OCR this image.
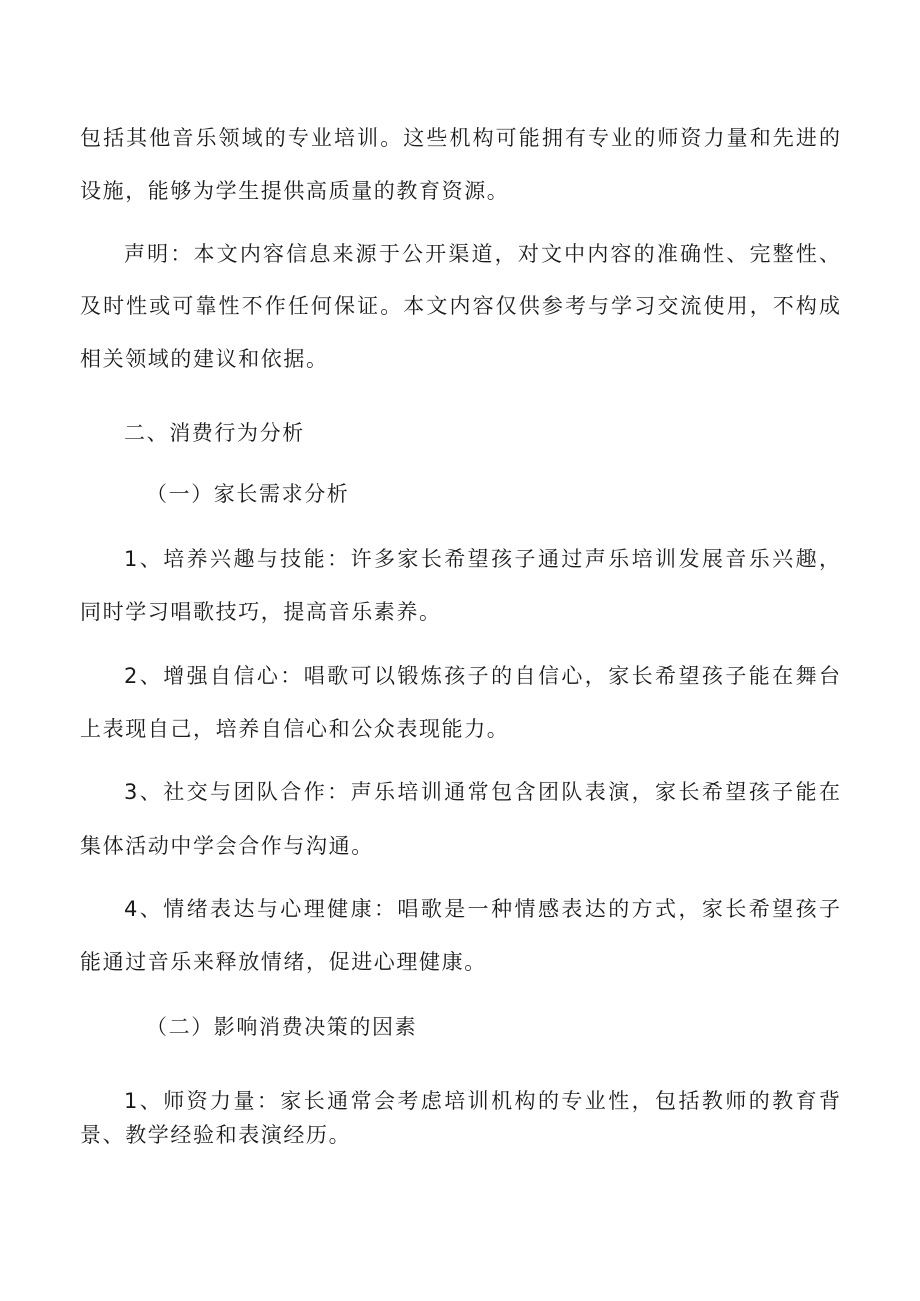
包括其他音乐领域的专业培训。这些机构可能拥有专业的师资力量和先进的
设施，能够为学生提供高质量的教育资源。
声明：本文内容信息来源于公开渠道，对文中内容的准确性、完整性、
及时性或可靠性不作任何保证。本文内容仅供参考与学习交流使用，不构成
相关领域的建议和依据。
二、消费行为分析
（一）家长需求分析
1、培养兴趣与技能：许多家长希望孩子通过声乐培训发展音乐兴趣，
同时学习唱歌技巧，提高音乐素养。
2、增强自信心：唱歌可以锻炼孩子的自信心，家长希望孩子能在舞台
上表现自己，培养自信心和公众表现能力。
3、社交与团队合作：声乐培训通常包含团队表演，家长希望孩子能在
集体活动中学会合作与沟通。
4、情绪表达与心理健康：唱歌是一种情感表达的方式，家长希望孩子
能通过音乐来释放情绪，促进心理健康。
（二）影响消费决策的因素
1、师资力量：家长通常会考虑培训机构的专业性，包括教师的教育背
景、教学经验和表演经历。
